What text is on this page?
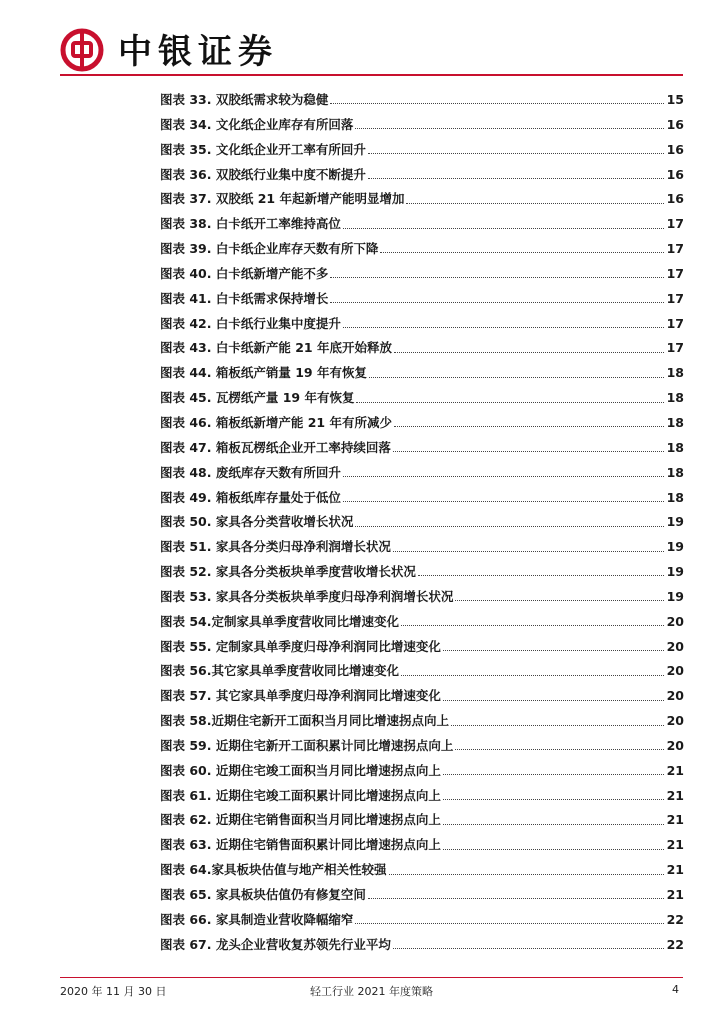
中银证券
图表 33. 双胶纸需求较为稳健	15
图表 34. 文化纸企业库存有所回落	16
图表 35. 文化纸企业开工率有所回升	16
图表 36. 双胶纸行业集中度不断提升	16
图表 37. 双胶纸 21 年起新增产能明显增加	16
图表 38. 白卡纸开工率维持高位	17
图表 39. 白卡纸企业库存天数有所下降	17
图表 40. 白卡纸新增产能不多	17
图表 41. 白卡纸需求保持增长	17
图表 42. 白卡纸行业集中度提升	17
图表 43. 白卡纸新产能 21 年底开始释放	17
图表 44. 箱板纸产销量 19 年有恢复	18
图表 45. 瓦楞纸产量 19 年有恢复	18
图表 46. 箱板纸新增产能 21 年有所减少	18
图表 47. 箱板瓦楞纸企业开工率持续回落	18
图表 48. 废纸库存天数有所回升	18
图表 49. 箱板纸库存量处于低位	18
图表 50. 家具各分类营收增长状况	19
图表 51. 家具各分类归母净利润增长状况	19
图表 52. 家具各分类板块单季度营收增长状况	19
图表 53. 家具各分类板块单季度归母净利润增长状况	19
图表 54.定制家具单季度营收同比增速变化	20
图表 55. 定制家具单季度归母净利润同比增速变化	20
图表 56.其它家具单季度营收同比增速变化	20
图表 57. 其它家具单季度归母净利润同比增速变化	20
图表 58.近期住宅新开工面积当月同比增速拐点向上	20
图表 59. 近期住宅新开工面积累计同比增速拐点向上	20
图表 60. 近期住宅竣工面积当月同比增速拐点向上	21
图表 61. 近期住宅竣工面积累计同比增速拐点向上	21
图表 62. 近期住宅销售面积当月同比增速拐点向上	21
图表 63. 近期住宅销售面积累计同比增速拐点向上	21
图表 64.家具板块估值与地产相关性较强	21
图表 65. 家具板块估值仍有修复空间	21
图表 66. 家具制造业营收降幅缩窄	22
图表 67. 龙头企业营收复苏领先行业平均	22
2020 年 11 月 30 日	轻工行业 2021 年度策略	4
